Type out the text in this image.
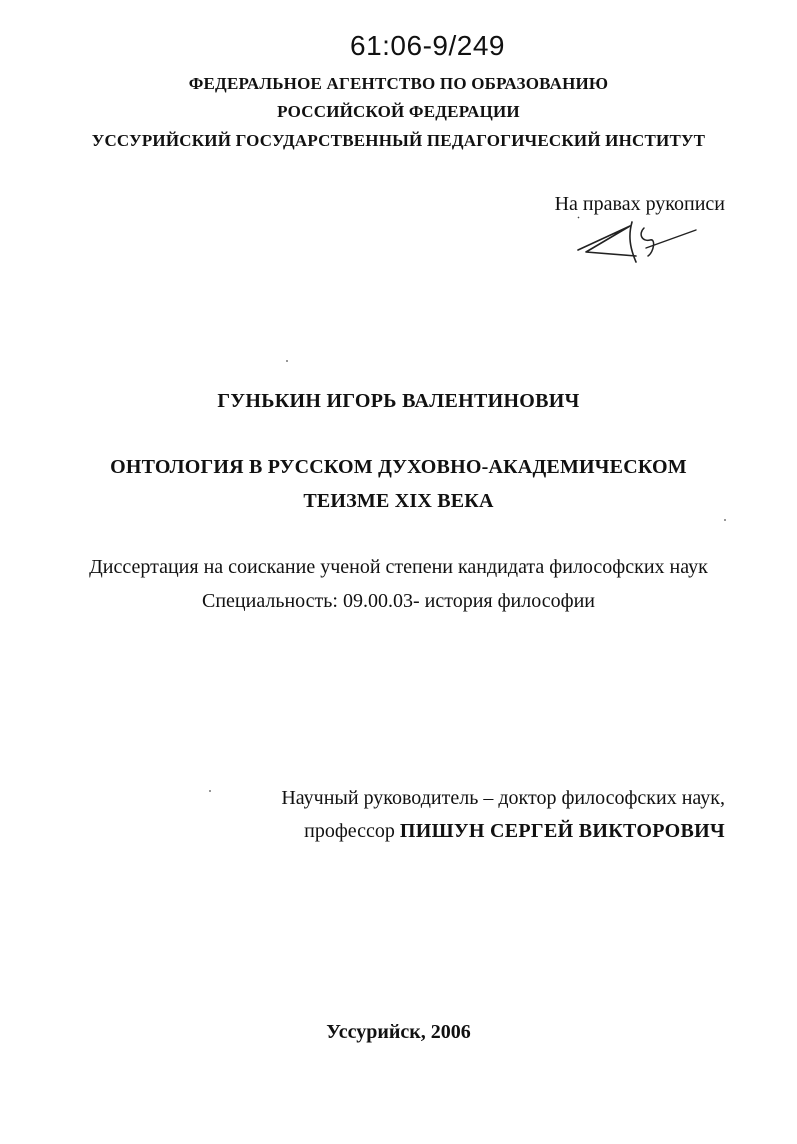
61:06-9/249
ФЕДЕРАЛЬНОЕ АГЕНТСТВО ПО ОБРАЗОВАНИЮ
РОССИЙСКОЙ ФЕДЕРАЦИИ
УССУРИЙСКИЙ ГОСУДАРСТВЕННЫЙ ПЕДАГОГИЧЕСКИЙ ИНСТИТУТ
На правах рукописи
ГУНЬКИН ИГОРЬ ВАЛЕНТИНОВИЧ
ОНТОЛОГИЯ В РУССКОМ ДУХОВНО-АКАДЕМИЧЕСКОМ
ТЕИЗМЕ XIX ВЕКА
Диссертация на соискание ученой степени кандидата философских наук
Специальность: 09.00.03- история философии
Научный руководитель – доктор философских наук,
профессор ПИШУН СЕРГЕЙ ВИКТОРОВИЧ
Уссурийск, 2006
